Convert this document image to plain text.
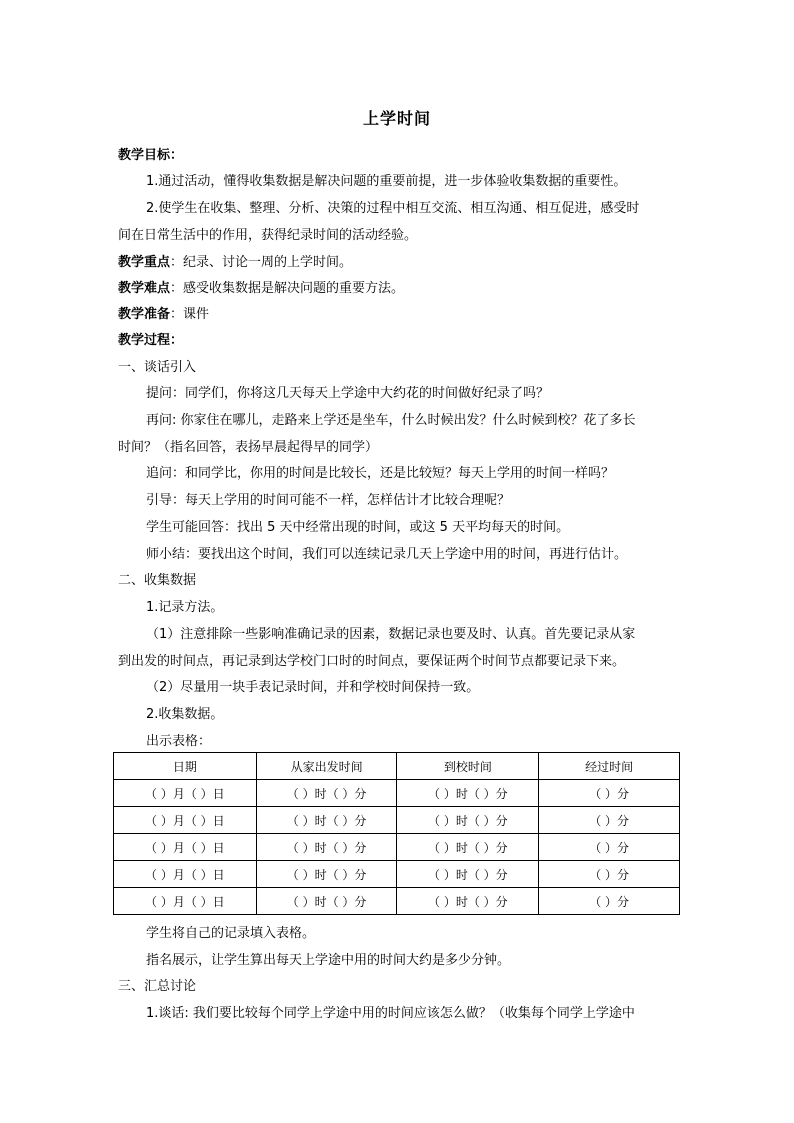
上学时间
教学目标：
1.通过活动，懂得收集数据是解决问题的重要前提，进一步体验收集数据的重要性。
2.使学生在收集、整理、分析、决策的过程中相互交流、相互沟通、相互促进，感受时
间在日常生活中的作用，获得纪录时间的活动经验。
教学重点：纪录、讨论一周的上学时间。
教学难点：感受收集数据是解决问题的重要方法。
教学准备：课件
教学过程：
一、谈话引入
提问：同学们，你将这几天每天上学途中大约花的时间做好纪录了吗？
再问: 你家住在哪儿，走路来上学还是坐车，什么时候出发？什么时候到校？花了多长
时间？（指名回答，表扬早晨起得早的同学）
追问：和同学比，你用的时间是比较长，还是比较短？每天上学用的时间一样吗？
引导：每天上学用的时间可能不一样，怎样估计才比较合理呢？
学生可能回答：找出 5 天中经常出现的时间，或这 5 天平均每天的时间。
师小结：要找出这个时间，我们可以连续记录几天上学途中用的时间，再进行估计。
二、收集数据
1.记录方法。
（1）注意排除一些影响准确记录的因素，数据记录也要及时、认真。首先要记录从家
到出发的时间点，再记录到达学校门口时的时间点，要保证两个时间节点都要记录下来。
（2）尽量用一块手表记录时间，并和学校时间保持一致。
2.收集数据。
出示表格：
日期	从家出发时间	到校时间	经过时间
（ ）月（ ）日	（ ）时（ ）分	（ ）时（ ）分	（ ）分
（ ）月（ ）日	（ ）时（ ）分	（ ）时（ ）分	（ ）分
（ ）月（ ）日	（ ）时（ ）分	（ ）时（ ）分	（ ）分
（ ）月（ ）日	（ ）时（ ）分	（ ）时（ ）分	（ ）分
（ ）月（ ）日	（ ）时（ ）分	（ ）时（ ）分	（ ）分
学生将自己的记录填入表格。
指名展示，让学生算出每天上学途中用的时间大约是多少分钟。
三、汇总讨论
1.谈话: 我们要比较每个同学上学途中用的时间应该怎么做？（收集每个同学上学途中
